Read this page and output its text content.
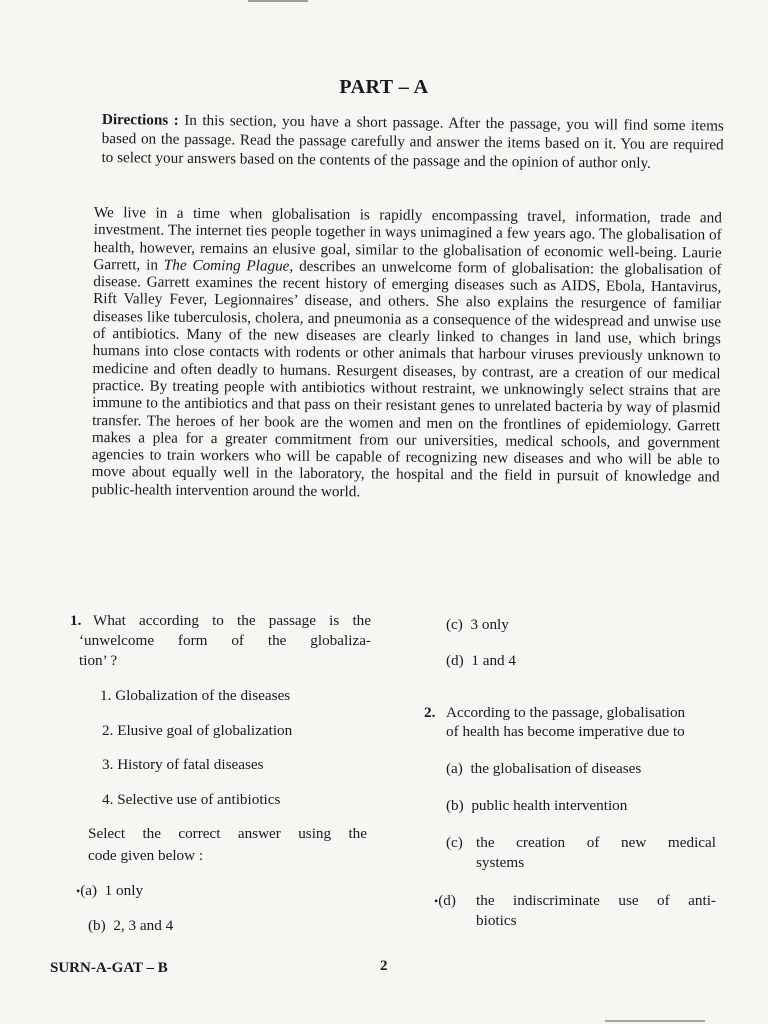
PART – A
Directions : In this section, you have a short passage. After the passage, you will find some items based on the passage. Read the passage carefully and answer the items based on it. You are required to select your answers based on the contents of the passage and the opinion of author only.
We live in a time when globalisation is rapidly encompassing travel, information, trade and investment. The internet ties people together in ways unimagined a few years ago. The globalisation of health, however, remains an elusive goal, similar to the globalisation of economic well-being. Laurie Garrett, in The Coming Plague, describes an unwelcome form of globalisation: the globalisation of disease. Garrett examines the recent history of emerging diseases such as AIDS, Ebola, Hantavirus, Rift Valley Fever, Legionnaires’ disease, and others. She also explains the resurgence of familiar diseases like tuberculosis, cholera, and pneumonia as a consequence of the widespread and unwise use of antibiotics. Many of the new diseases are clearly linked to changes in land use, which brings humans into close contacts with rodents or other animals that harbour viruses previously unknown to medicine and often deadly to humans. Resurgent diseases, by contrast, are a creation of our medical practice. By treating people with antibiotics without restraint, we unknowingly select strains that are immune to the antibiotics and that pass on their resistant genes to unrelated bacteria by way of plasmid transfer. The heroes of her book are the women and men on the frontlines of epidemiology. Garrett makes a plea for a greater commitment from our universities, medical schools, and government agencies to train workers who will be capable of recognizing new diseases and who will be able to move about equally well in the laboratory, the hospital and the field in pursuit of knowledge and public-health intervention around the world.
1. What according to the passage is the
‘unwelcome form of the globaliza-
tion’ ?
1. Globalization of the diseases
2. Elusive goal of globalization
3. History of fatal diseases
4. Selective use of antibiotics
Select the correct answer using the
code given below :
•(a) 1 only
(b) 2, 3 and 4
(c) 3 only
(d) 1 and 4
2. According to the passage, globalisation
of health has become imperative due to
(a) the globalisation of diseases
(b) public health intervention
(c) the creation of new medical
systems
•(d) the indiscriminate use of anti-
biotics
SURN-A-GAT – B	2
